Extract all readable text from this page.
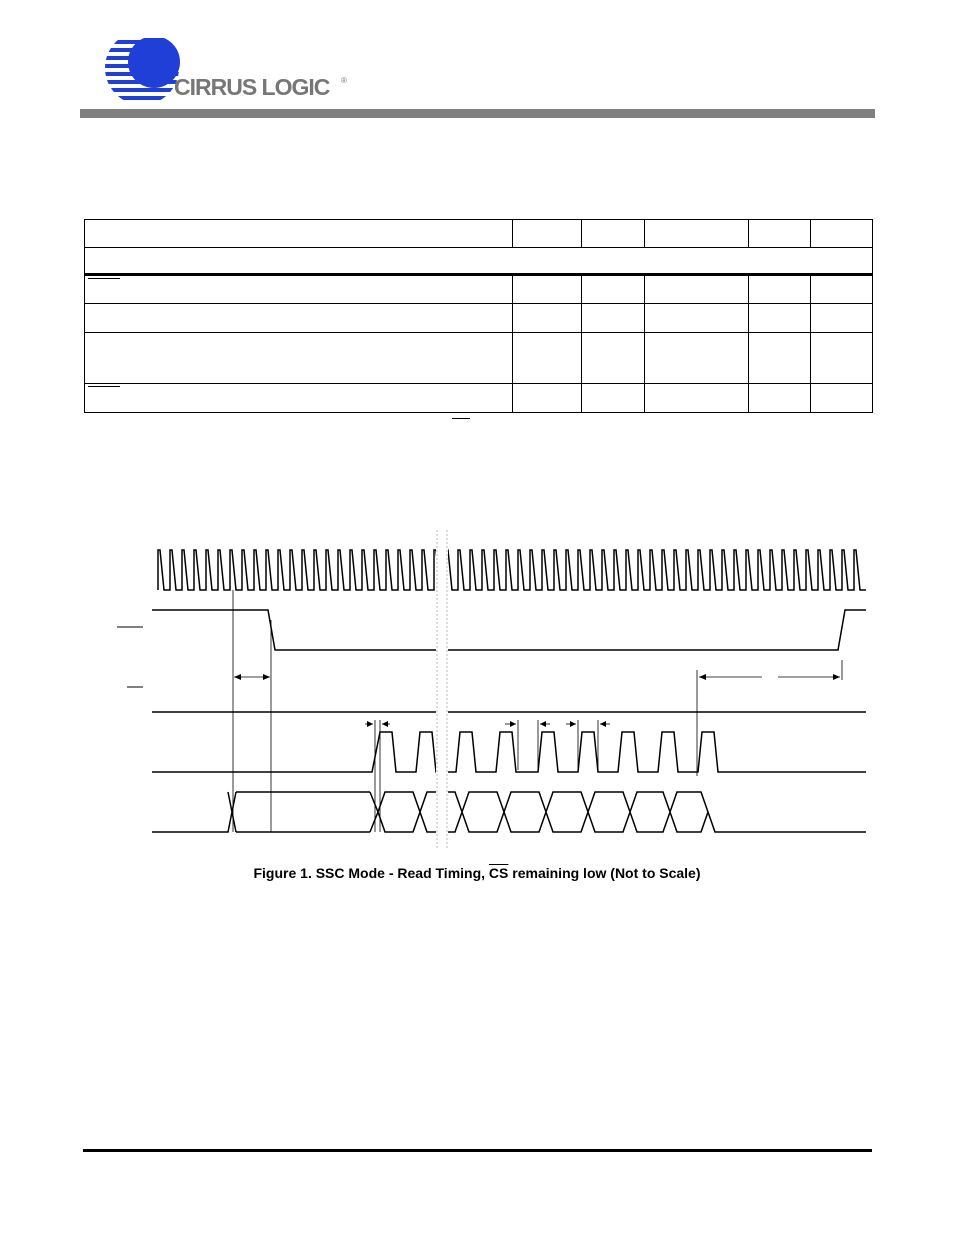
CIRRUS LOGIC ®

Figure 1. SSC Mode - Read Timing, $\overline{CS}$ remaining low (Not to Scale)
